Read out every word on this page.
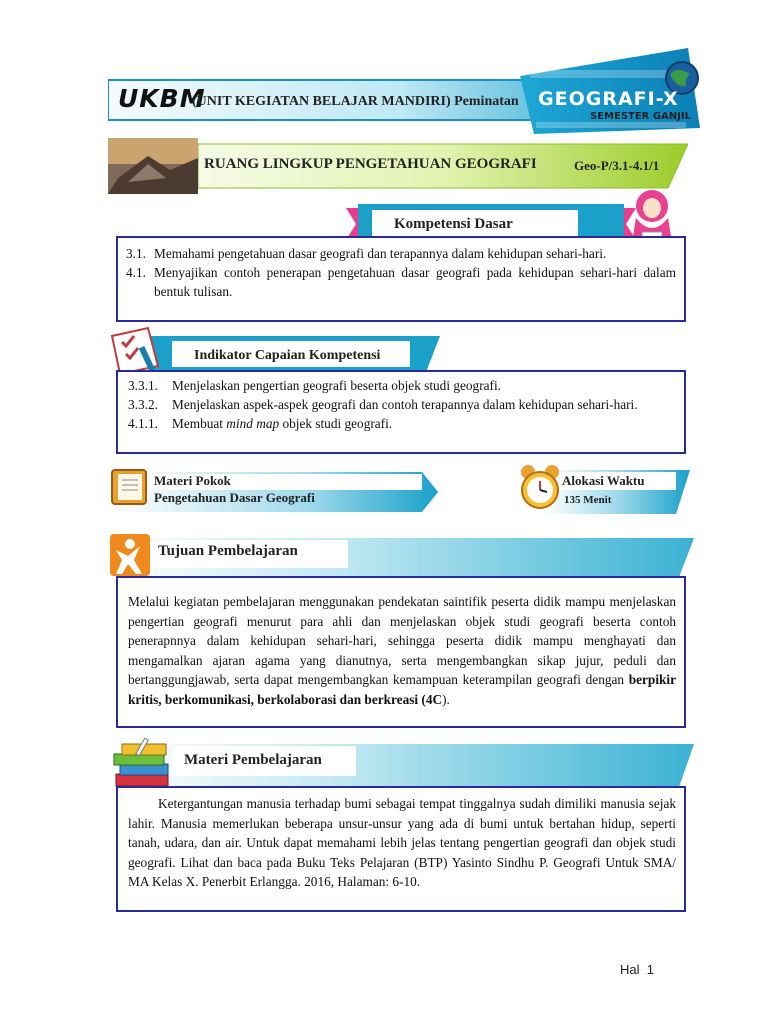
UKBM
(UNIT KEGIATAN BELAJAR MANDIRI) Peminatan GEOGRAFI-X
SEMESTER GANJIL
RUANG LINGKUP PENGETAHUAN GEOGRAFI	Geo-P/3.1-4.1/1
Kompetensi Dasar
3.1. Memahami pengetahuan dasar geografi dan terapannya dalam kehidupan sehari-hari.
4.1. Menyajikan contoh penerapan pengetahuan dasar geografi pada kehidupan sehari-hari dalam bentuk tulisan.
Indikator Capaian Kompetensi
3.3.1.	Menjelaskan pengertian geografi beserta objek studi geografi.
3.3.2.	Menjelaskan aspek-aspek geografi dan contoh terapannya dalam kehidupan sehari-hari.
4.1.1.	Membuat mind map objek studi geografi.
Materi Pokok
Pengetahuan Dasar Geografi
Alokasi Waktu
135 Menit
Tujuan Pembelajaran

Melalui kegiatan pembelajaran menggunakan pendekatan saintifik peserta didik mampu menjelaskan pengertian geografi menurut para ahli dan menjelaskan objek studi geografi beserta contoh penerapnnya dalam kehidupan sehari-hari, sehingga peserta didik mampu menghayati dan mengamalkan ajaran agama yang dianutnya, serta mengembangkan sikap jujur, peduli dan bertanggungjawab, serta dapat mengembangkan kemampuan keterampilan geografi dengan berpikir kritis, berkomunikasi, berkolaborasi dan berkreasi (4C).

Materi Pembelajaran

Ketergantungan manusia terhadap bumi sebagai tempat tinggalnya sudah dimiliki manusia sejak lahir. Manusia memerlukan beberapa unsur-unsur yang ada di bumi untuk bertahan hidup, seperti tanah, udara, dan air. Untuk dapat memahami lebih jelas tentang pengertian geografi dan objek studi geografi. Lihat dan baca pada Buku Teks Pelajaran (BTP) Yasinto Sindhu P. Geografi Untuk SMA/ MA Kelas X. Penerbit Erlangga. 2016, Halaman: 6-10.

Hal  1
